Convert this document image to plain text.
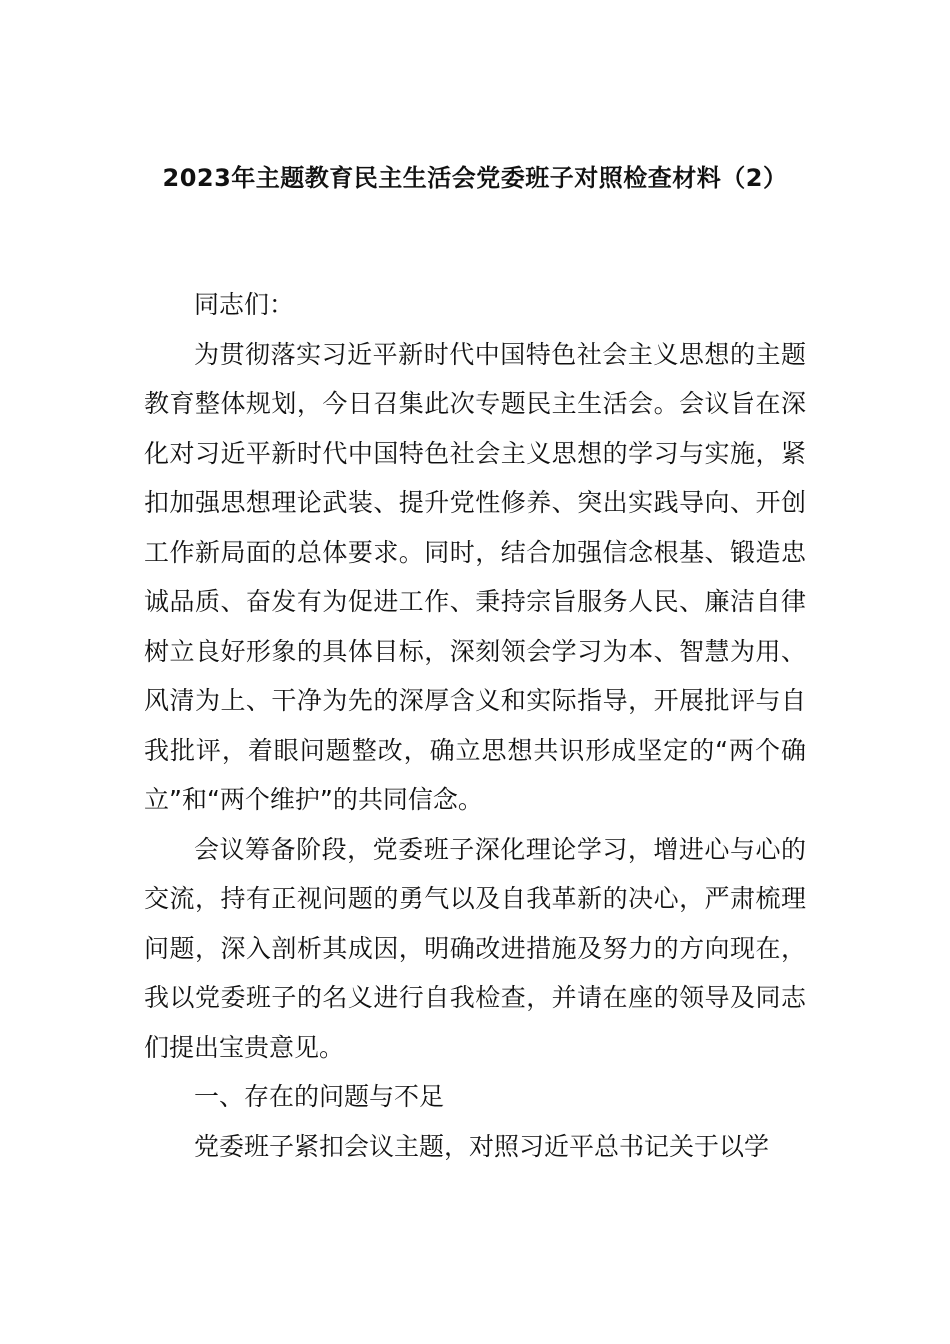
2023年主题教育民主生活会党委班子对照检查材料（2）

同志们：

为贯彻落实习近平新时代中国特色社会主义思想的主题教育整体规划，今日召集此次专题民主生活会。会议旨在深化对习近平新时代中国特色社会主义思想的学习与实施，紧扣加强思想理论武装、提升党性修养、突出实践导向、开创工作新局面的总体要求。同时，结合加强信念根基、锻造忠诚品质、奋发有为促进工作、秉持宗旨服务人民、廉洁自律树立良好形象的具体目标，深刻领会学习为本、智慧为用、风清为上、干净为先的深厚含义和实际指导，开展批评与自我批评，着眼问题整改，确立思想共识形成坚定的“两个确立”和“两个维护”的共同信念。

会议筹备阶段，党委班子深化理论学习，增进心与心的交流，持有正视问题的勇气以及自我革新的决心，严肃梳理问题，深入剖析其成因，明确改进措施及努力的方向现在，我以党委班子的名义进行自我检查，并请在座的领导及同志们提出宝贵意见。

一、存在的问题与不足

党委班子紧扣会议主题，对照习近平总书记关于以学
